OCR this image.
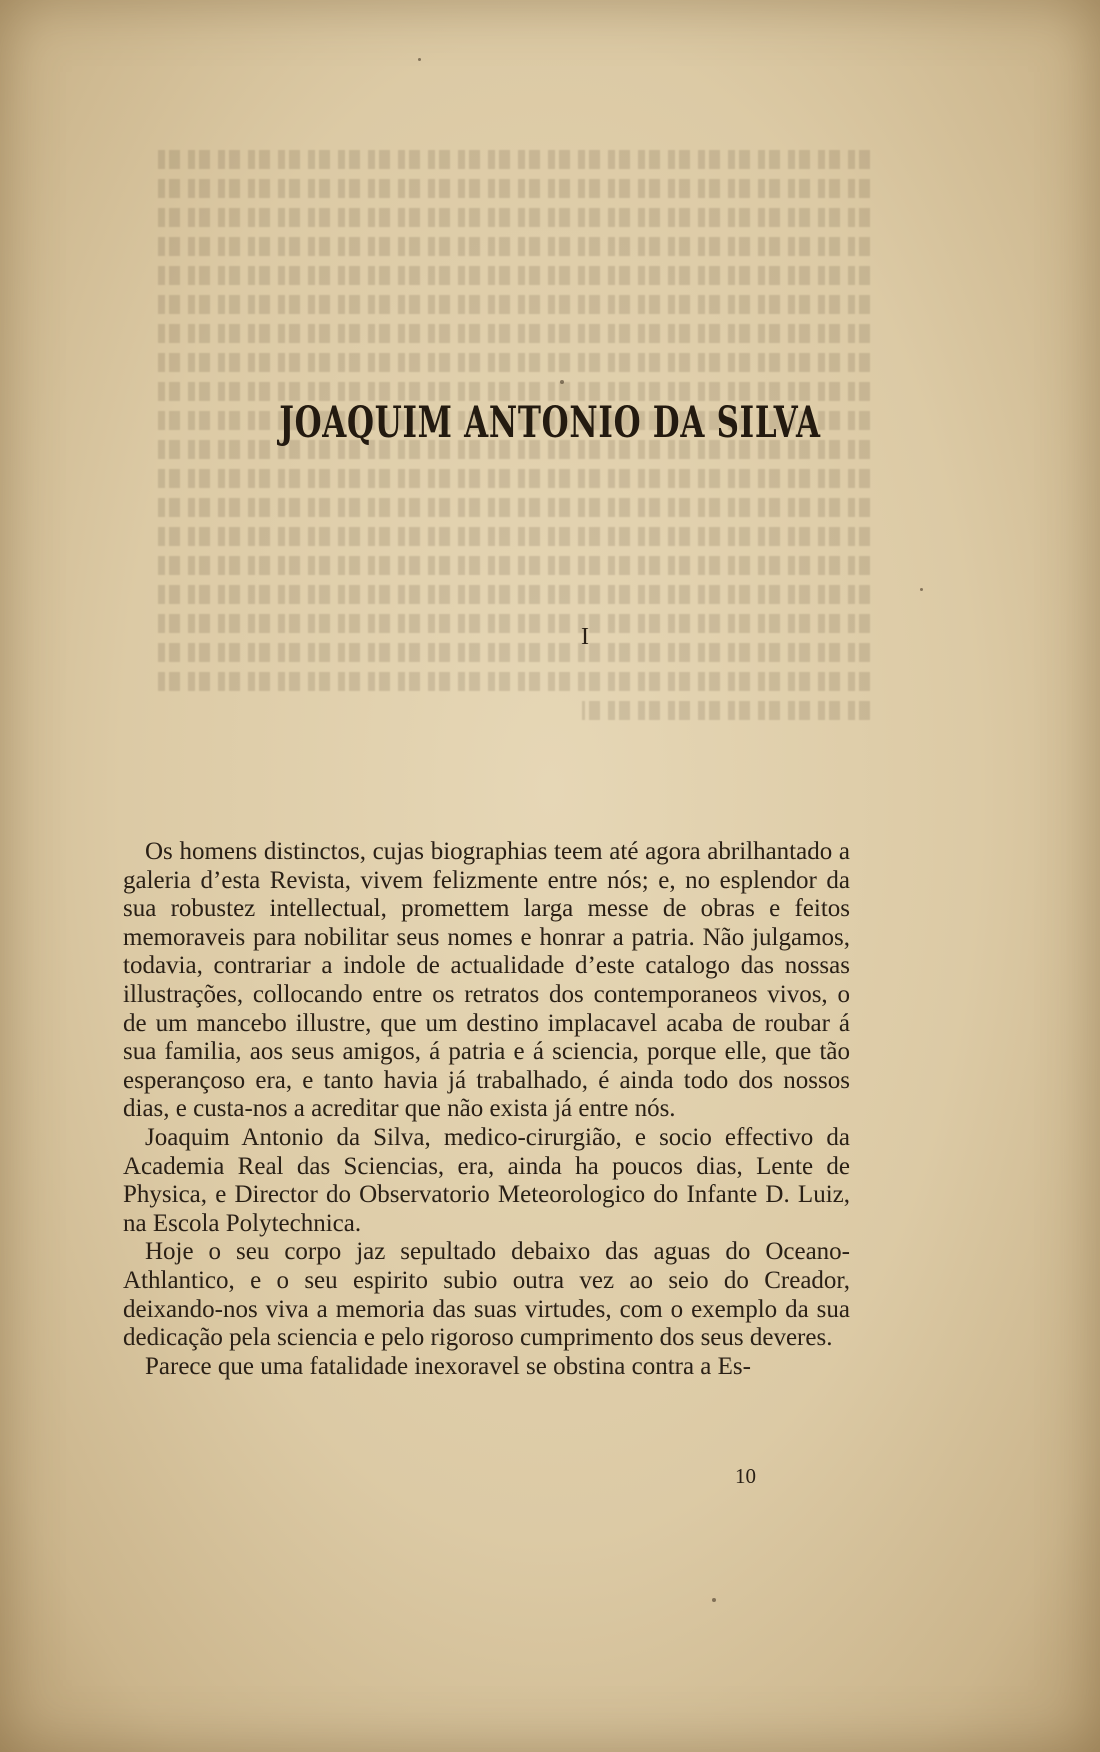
JOAQUIM ANTONIO DA SILVA
I

Os homens distinctos, cujas biographias teem até agora abrilhantado a galeria d’esta Revista, vivem felizmente entre nós; e, no esplendor da sua robustez intellectual, promettem larga messe de obras e feitos memoraveis para nobilitar seus nomes e honrar a patria. Não julgamos, todavia, contrariar a indole de actualidade d’este catalogo das nossas illustrações, collocando entre os retratos dos contemporaneos vivos, o de um mancebo illustre, que um destino implacavel acaba de roubar á sua familia, aos seus amigos, á patria e á sciencia, porque elle, que tão esperançoso era, e tanto havia já trabalhado, é ainda todo dos nossos dias, e custa-nos a acreditar que não exista já entre nós.

Joaquim Antonio da Silva, medico-cirurgião, e socio effectivo da Academia Real das Sciencias, era, ainda ha poucos dias, Lente de Physica, e Director do Observatorio Meteorologico do Infante D. Luiz, na Escola Polytechnica.

Hoje o seu corpo jaz sepultado debaixo das aguas do Oceano-Athlantico, e o seu espirito subio outra vez ao seio do Creador, deixando-nos viva a memoria das suas virtudes, com o exemplo da sua dedicação pela sciencia e pelo rigoroso cumprimento dos seus deveres.

Parece que uma fatalidade inexoravel se obstina contra a Es-

10
